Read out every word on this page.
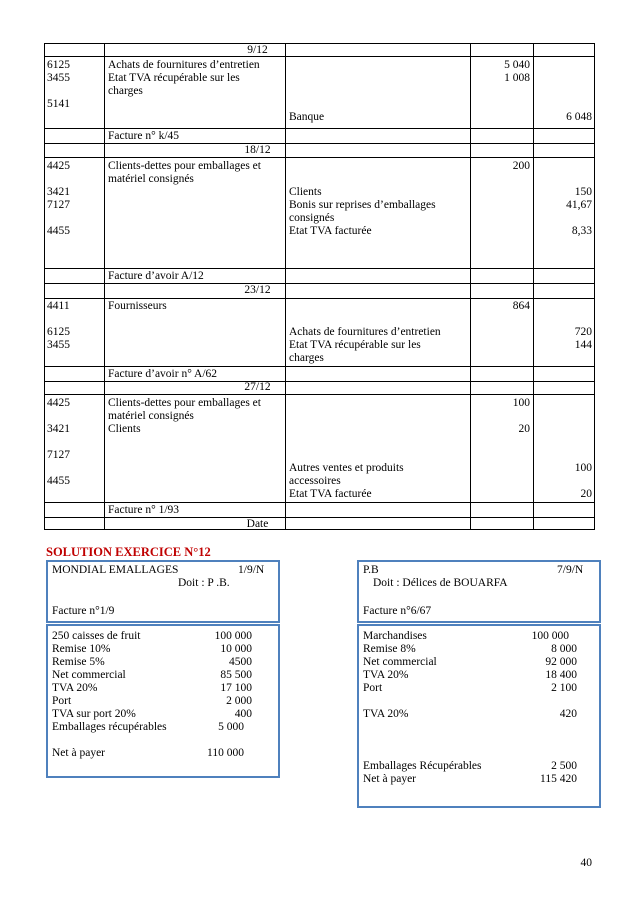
9/12
6125
3455
5141
Achats de fournitures d’entretien
Etat TVA récupérable sur les
charges
Banque
5 040
1 008
6 048
Facture n° k/45
18/12
4425
3421
7127
4455
Clients-dettes pour emballages et
matériel consignés
Clients
Bonis sur reprises d’emballages
consignés
Etat TVA facturée
200
150
41,67
8,33
Facture d’avoir A/12
23/12
4411
6125
3455
Fournisseurs
Achats de fournitures d’entretien
Etat TVA récupérable sur les
charges
864
720
144
Facture d’avoir n° A/62
27/12
4425
3421
7127
4455
Clients-dettes pour emballages et
matériel consignés
Clients
Autres ventes et produits
accessoires
Etat TVA facturée
100
20
100
20
Facture n° 1/93
Date
SOLUTION EXERCICE N°12
MONDIAL EMALLAGES	1/9/N
Doit : P .B.
Facture n°1/9
250 caisses de fruit
Remise 10%
Remise 5%
Net commercial
TVA 20%
Port
TVA sur port 20%
Emballages récupérables
Net à payer
100 000
10 000
4500
85 500
17 100
2 000
400
5 000
110 000
P.B	7/9/N
Doit : Délices de BOUARFA
Facture n°6/67
Marchandises
Remise 8%
Net commercial
TVA 20%
Port
TVA 20%
Emballages Récupérables
Net à payer
100 000
8 000
92 000
18 400
2 100
420
2 500
115 420
40
